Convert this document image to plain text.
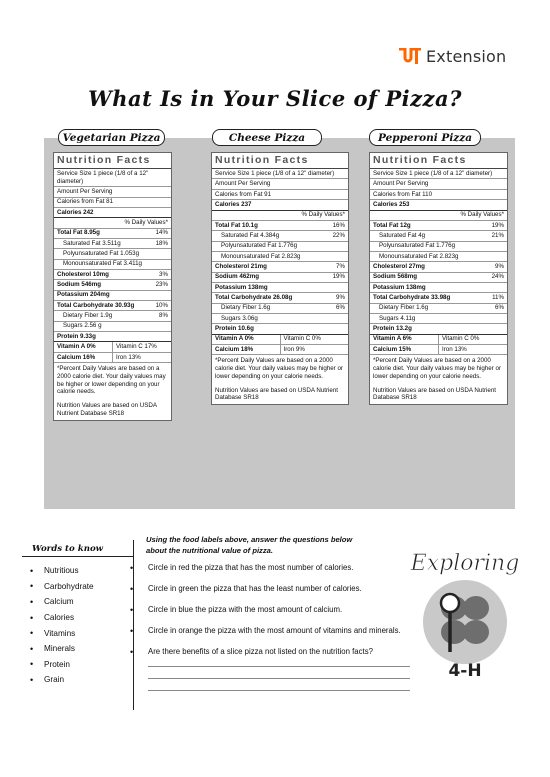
Extension
What Is in Your Slice of Pizza?
Vegetarian Pizza	Cheese Pizza	Pepperoni Pizza
Nutrition Facts
Service Size 1 piece (1/8 of a 12" diameter)
Amount Per Serving
Calories from Fat 81
Calories 242
% Daily Values*
Total Fat 8.95g	14%
Saturated Fat 3.511g	18%
Polyunsaturated Fat 1.053g
Monounsaturated Fat 3.411g
Cholesterol 10mg	3%
Sodium 546mg	23%
Potassium 204mg
Total Carbohydrate 30.93g	10%
Dietary Fiber 1.9g	8%
Sugars 2.56 g
Protein 9.33g
Vitamin A 0%	Vitamin C 17%
Calcium 16%	Iron 13%
*Percent Daily Values are based on a 2000 calorie diet. Your daily values may be higher or lower depending on your calorie needs.
Nutrition Values are based on USDA Nutrient Database SR18
Nutrition Facts
Service Size 1 piece (1/8 of a 12" diameter)
Amount Per Serving
Calories from Fat 91
Calories 237
% Daily Values*
Total Fat 10.1g	16%
Saturated Fat 4.384g	22%
Polyunsaturated Fat 1.776g
Monounsaturated Fat 2.823g
Cholesterol 21mg	7%
Sodium 462mg	19%
Potassium 138mg
Total Carbohydrate 26.08g	9%
Dietary Fiber 1.6g	6%
Sugars 3.06g
Protein 10.6g
Vitamin A 0%	Vitamin C 0%
Calcium 18%	Iron 9%
*Percent Daily Values are based on a 2000 calorie diet. Your daily values may be higher or lower depending on your calorie needs.
Nutrition Values are based on USDA Nutrient Database SR18
Nutrition Facts
Service Size 1 piece (1/8 of a 12" diameter)
Amount Per Serving
Calories from Fat 110
Calories 253
% Daily Values*
Total Fat 12g	19%
Saturated Fat 4g	21%
Polyunsaturated Fat 1.776g
Monounsaturated Fat 2.823g
Cholesterol 27mg	9%
Sodium 568mg	24%
Potassium 138mg
Total Carbohydrate 33.98g	11%
Dietary Fiber 1.6g	6%
Sugars 4.11g
Protein 13.2g
Vitamin A 6%	Vitamin C 0%
Calcium 15%	Iron 13%
*Percent Daily Values are based on a 2000 calorie diet. Your daily values may be higher or lower depending on your calorie needs.
Nutrition Values are based on USDA Nutrient Database SR18
Using the food labels above, answer the questions below
about the nutritional value of pizza.
Words to know
• Nutritious
• Carbohydrate
• Calcium
• Calories
• Vitamins
• Minerals
• Protein
• Grain
• Circle in red the pizza that has the most number of calories.
• Circle in green the pizza that has the least number of calories.
• Circle in blue the pizza with the most amount of calcium.
• Circle in orange the pizza with the most amount of vitamins and minerals.
• Are there benefits of a slice pizza not listed on the nutrition facts?
Exploring
4-H
